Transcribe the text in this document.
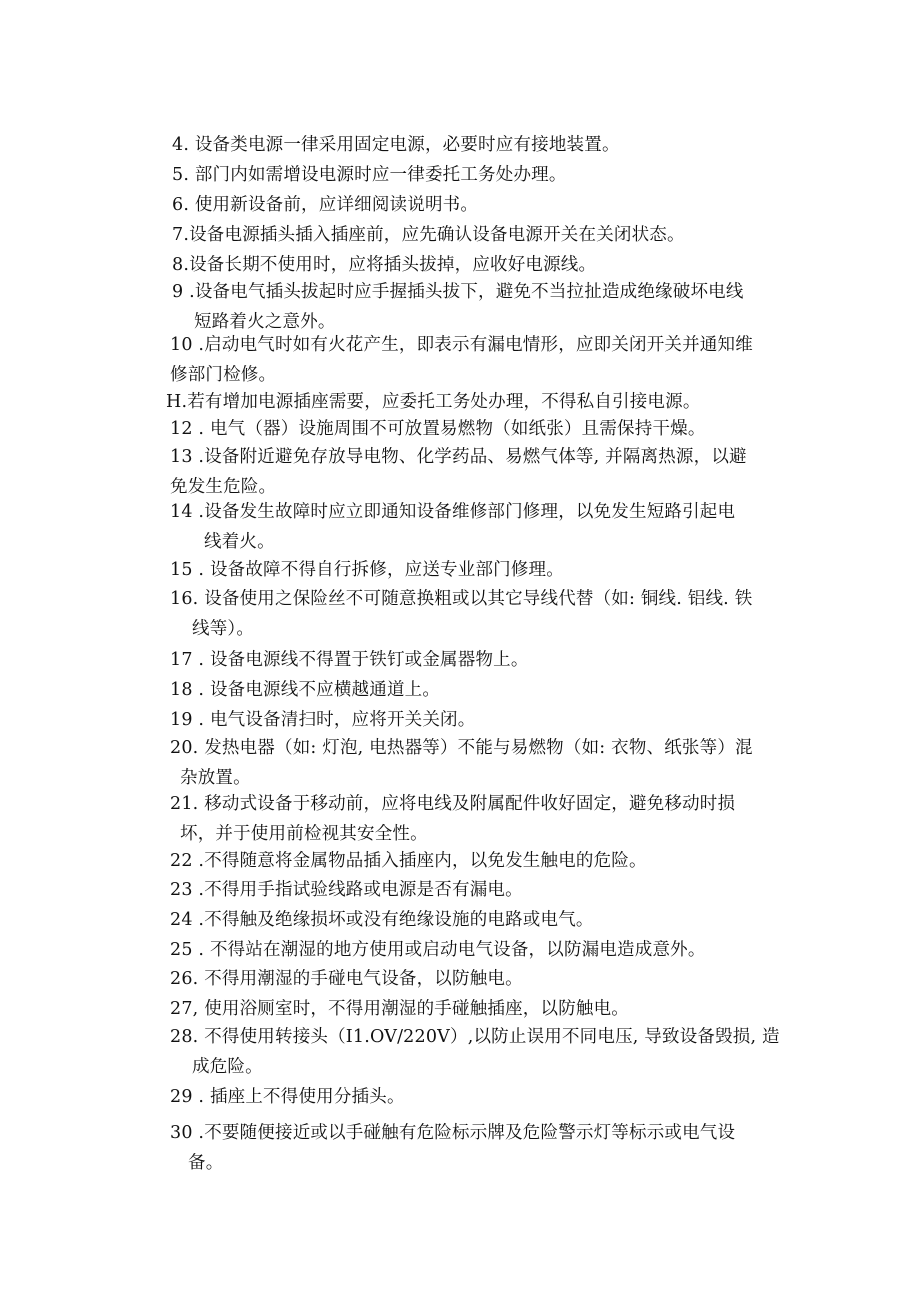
4. 设备类电源一律采用固定电源，必要时应有接地装置。
5. 部门内如需增设电源时应一律委托工务处办理。
6. 使用新设备前，应详细阅读说明书。
7.设备电源插头插入插座前，应先确认设备电源开关在关闭状态。
8.设备长期不使用时，应将插头拔掉，应收好电源线。
9 .设备电气插头拔起时应手握插头拔下，避免不当拉扯造成绝缘破坏电线
短路着火之意外。
10 .启动电气时如有火花产生，即表示有漏电情形，应即关闭开关并通知维
修部门检修。
H.若有增加电源插座需要，应委托工务处办理，不得私自引接电源。
12 . 电气（器）设施周围不可放置易燃物（如纸张）且需保持干燥。
13 .设备附近避免存放导电物、化学药品、易燃气体等, 并隔离热源，以避
免发生危险。
14 .设备发生故障时应立即通知设备维修部门修理，以免发生短路引起电
线着火。
15 . 设备故障不得自行拆修，应送专业部门修理。
16. 设备使用之保险丝不可随意换粗或以其它导线代替（如: 铜线. 铝线. 铁
线等）。
17 . 设备电源线不得置于铁钉或金属器物上。
18 . 设备电源线不应横越通道上。
19 . 电气设备清扫时，应将开关关闭。
20. 发热电器（如: 灯泡, 电热器等）不能与易燃物（如: 衣物、纸张等）混
杂放置。
21. 移动式设备于移动前，应将电线及附属配件收好固定，避免移动时损
坏，并于使用前检视其安全性。
22 .不得随意将金属物品插入插座内，以免发生触电的危险。
23 .不得用手指试验线路或电源是否有漏电。
24 .不得触及绝缘损坏或没有绝缘设施的电路或电气。
25 . 不得站在潮湿的地方使用或启动电气设备，以防漏电造成意外。
26. 不得用潮湿的手碰电气设备，以防触电。
27, 使用浴厕室时，不得用潮湿的手碰触插座，以防触电。
28. 不得使用转接头（I1.OV/220V）,以防止误用不同电压, 导致设备毁损, 造
成危险。
29 . 插座上不得使用分插头。
30 .不要随便接近或以手碰触有危险标示牌及危险警示灯等标示或电气设
备。
